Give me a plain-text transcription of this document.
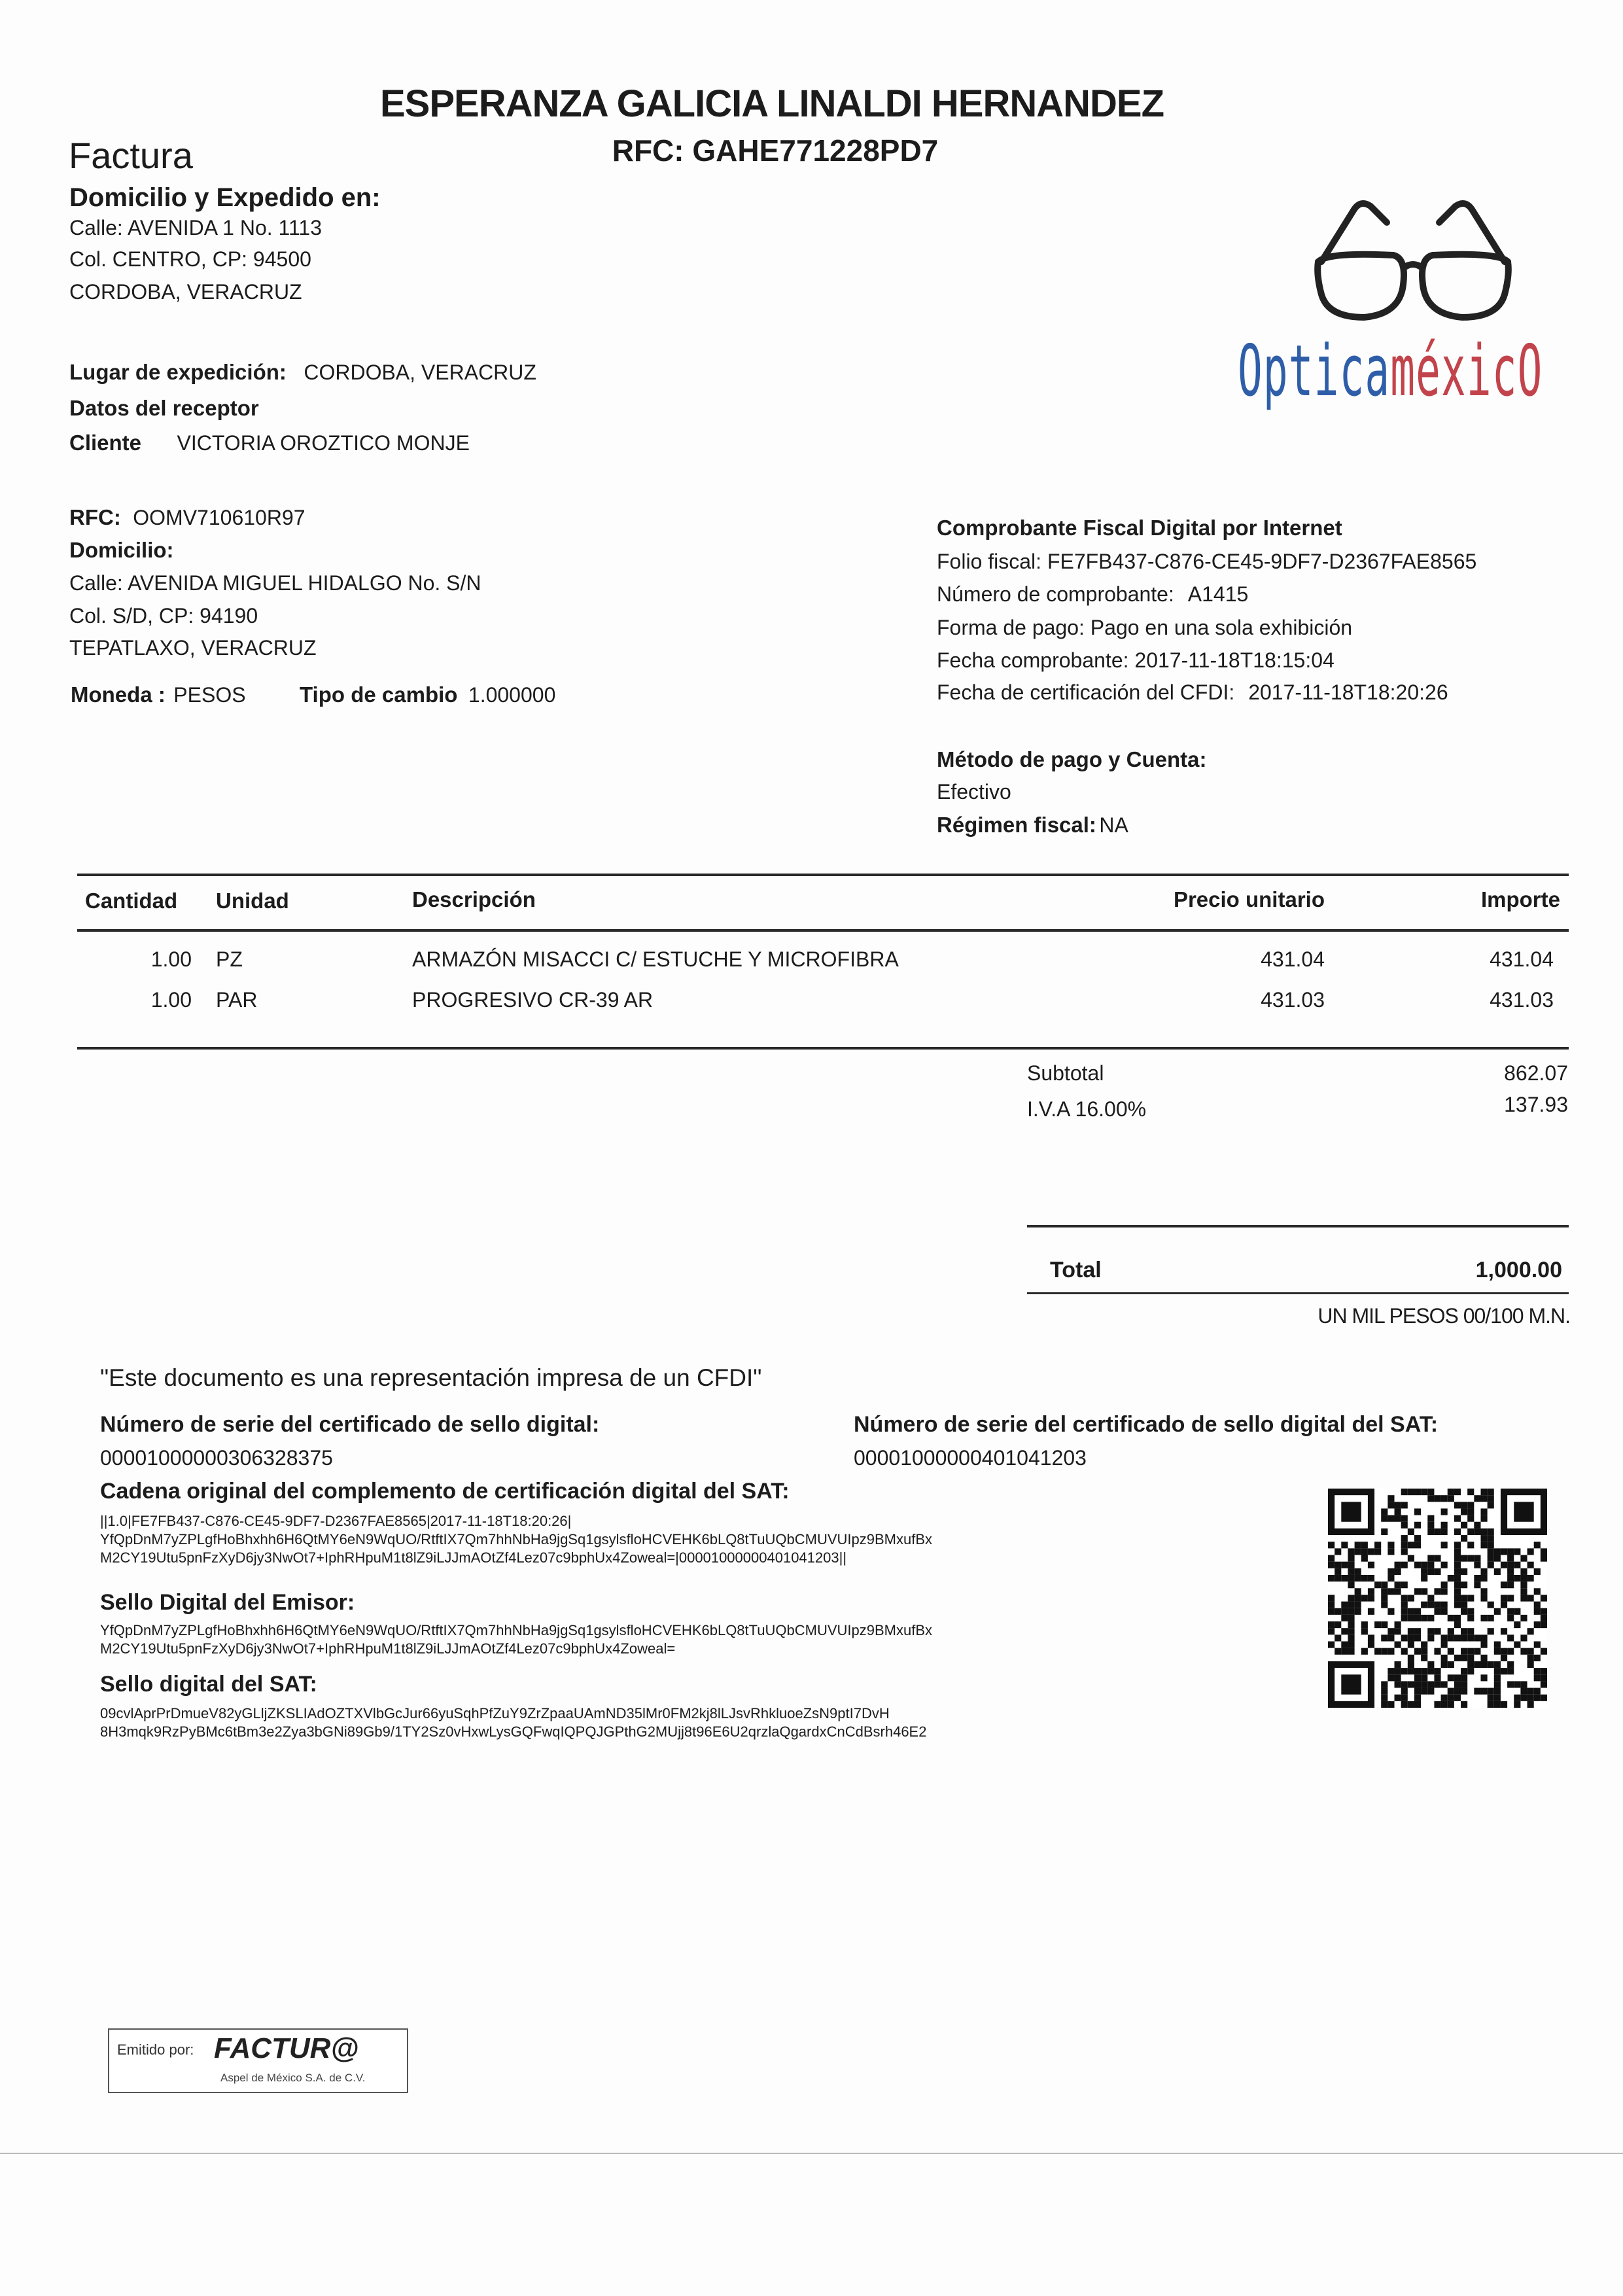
ESPERANZA GALICIA LINALDI HERNANDEZ
RFC: GAHE771228PD7
Factura
Domicilio y Expedido en:
Calle: AVENIDA 1 No. 1113
Col. CENTRO, CP: 94500
CORDOBA, VERACRUZ
OpticaméxicO
Lugar de expedición: CORDOBA, VERACRUZ
Datos del receptor
Cliente VICTORIA OROZTICO MONJE
RFC: OOMV710610R97
Domicilio:
Calle: AVENIDA MIGUEL HIDALGO No. S/N
Col. S/D, CP: 94190
TEPATLAXO, VERACRUZ
Moneda : PESOS Tipo de cambio 1.000000
Comprobante Fiscal Digital por Internet
Folio fiscal: FE7FB437-C876-CE45-9DF7-D2367FAE8565
Número de comprobante: A1415
Forma de pago: Pago en una sola exhibición
Fecha comprobante: 2017-11-18T18:15:04
Fecha de certificación del CFDI: 2017-11-18T18:20:26
Método de pago y Cuenta:
Efectivo
Régimen fiscal: NA
Cantidad Unidad	Descripción	Precio unitario	Importe
1.00 PZ	ARMAZÓN MISACCI C/ ESTUCHE Y MICROFIBRA	431.04	431.04
1.00 PAR	PROGRESIVO CR-39 AR	431.03	431.03
Subtotal	862.07
I.V.A 16.00%	137.93
Total	1,000.00
UN MIL PESOS 00/100 M.N.
"Este documento es una representación impresa de un CFDI"
Número de serie del certificado de sello digital:
00001000000306328375
Número de serie del certificado de sello digital del SAT:
00001000000401041203
Cadena original del complemento de certificación digital del SAT:
||1.0|FE7FB437-C876-CE45-9DF7-D2367FAE8565|2017-11-18T18:20:26|
YfQpDnM7yZPLgfHoBhxhh6H6QtMY6eN9WqUO/RtftIX7Qm7hhNbHa9jgSq1gsylsfloHCVEHK6bLQ8tTuUQbCMUVUIpz9BMxufBx
M2CY19Utu5pnFzXyD6jy3NwOt7+IphRHpuM1t8lZ9iLJJmAOtZf4Lez07c9bphUx4Zoweal=|00001000000401041203||
Sello Digital del Emisor:
YfQpDnM7yZPLgfHoBhxhh6H6QtMY6eN9WqUO/RtftIX7Qm7hhNbHa9jgSq1gsylsfloHCVEHK6bLQ8tTuUQbCMUVUIpz9BMxufBx
M2CY19Utu5pnFzXyD6jy3NwOt7+IphRHpuM1t8lZ9iLJJmAOtZf4Lez07c9bphUx4Zoweal=
Sello digital del SAT:
09cvlAprPrDmueV82yGLljZKSLIAdOZTXVlbGcJur66yuSqhPfZuY9ZrZpaaUAmND35lMr0FM2kj8lLJsvRhkluoeZsN9ptI7DvH
8H3mqk9RzPyBMc6tBm3e2Zya3bGNi89Gb9/1TY2Sz0vHxwLysGQFwqIQPQJGPthG2MUjj8t96E6U2qrzlaQgardxCnCdBsrh46E2
Emitido por: FACTUR@
Aspel de México S.A. de C.V.
